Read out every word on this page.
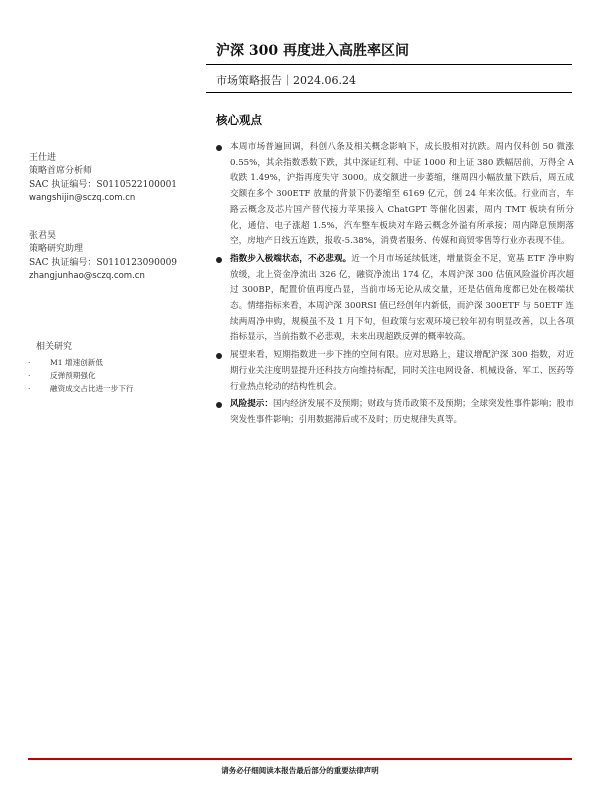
沪深 300 再度进入高胜率区间
市场策略报告｜2024.06.24
核心观点
王仕进
策略首席分析师
SAC 执证编号：S0110522100001
wangshijin@sczq.com.cn
张君昊
策略研究助理
SAC 执证编号：S0110123090009
zhangjunhao@sczq.com.cn
相关研究
·	M1 增速创新低
·	反弹预期强化
·	融资成交占比进一步下行
本周市场普遍回调，科创八条及相关概念影响下，成长股相对抗跌。周内仅科创 50 微涨 0.55%，其余指数悉数下跌，其中深证红利、中证 1000 和上证 380 跌幅居前，万得全 A 收跌 1.49%，沪指再度失守 3000。成交额进一步萎缩，继周四小幅放量下跌后，周五成交额在多个 300ETF 放量的背景下仍萎缩至 6169 亿元，创 24 年来次低。行业而言，车路云概念及芯片国产替代接力苹果接入 ChatGPT 等催化因素，周内 TMT 板块有所分化，通信、电子涨超 1.5%，汽车整车板块对车路云概念外溢有所承接；周内降息预期落空，房地产日线五连跌，报收-5.38%，消费者服务、传媒和商贸零售等行业亦表现不佳。
指数步入极端状态，不必悲观。近一个月市场延续低迷，增量资金不足，宽基 ETF 净申购放缓，北上资金净流出 326 亿，融资净流出 174 亿，本周沪深 300 估值风险溢价再次超过 300BP，配置价值再度凸显，当前市场无论从成交量，还是估值角度都已处在极端状态。情绪指标来看，本周沪深 300RSI 值已经创年内新低，而沪深 300ETF 与 50ETF 连续两周净申购，规模虽不及 1 月下旬，但政策与宏观环境已较年初有明显改善，以上各项指标显示，当前指数不必悲观，未来出现超跌反弹的概率较高。
展望来看，短期指数进一步下挫的空间有限。应对思路上，建议增配沪深 300 指数，对近期行业关注度明显提升还科技方向维持标配，同时关注电网设备、机械设备、军工、医药等行业热点轮动的结构性机会。
风险提示：国内经济发展不及预期；财政与货币政策不及预期；全球突发性事件影响；股市突发性事件影响；引用数据滞后或不及时；历史规律失真等。
请务必仔细阅读本报告最后部分的重要法律声明
